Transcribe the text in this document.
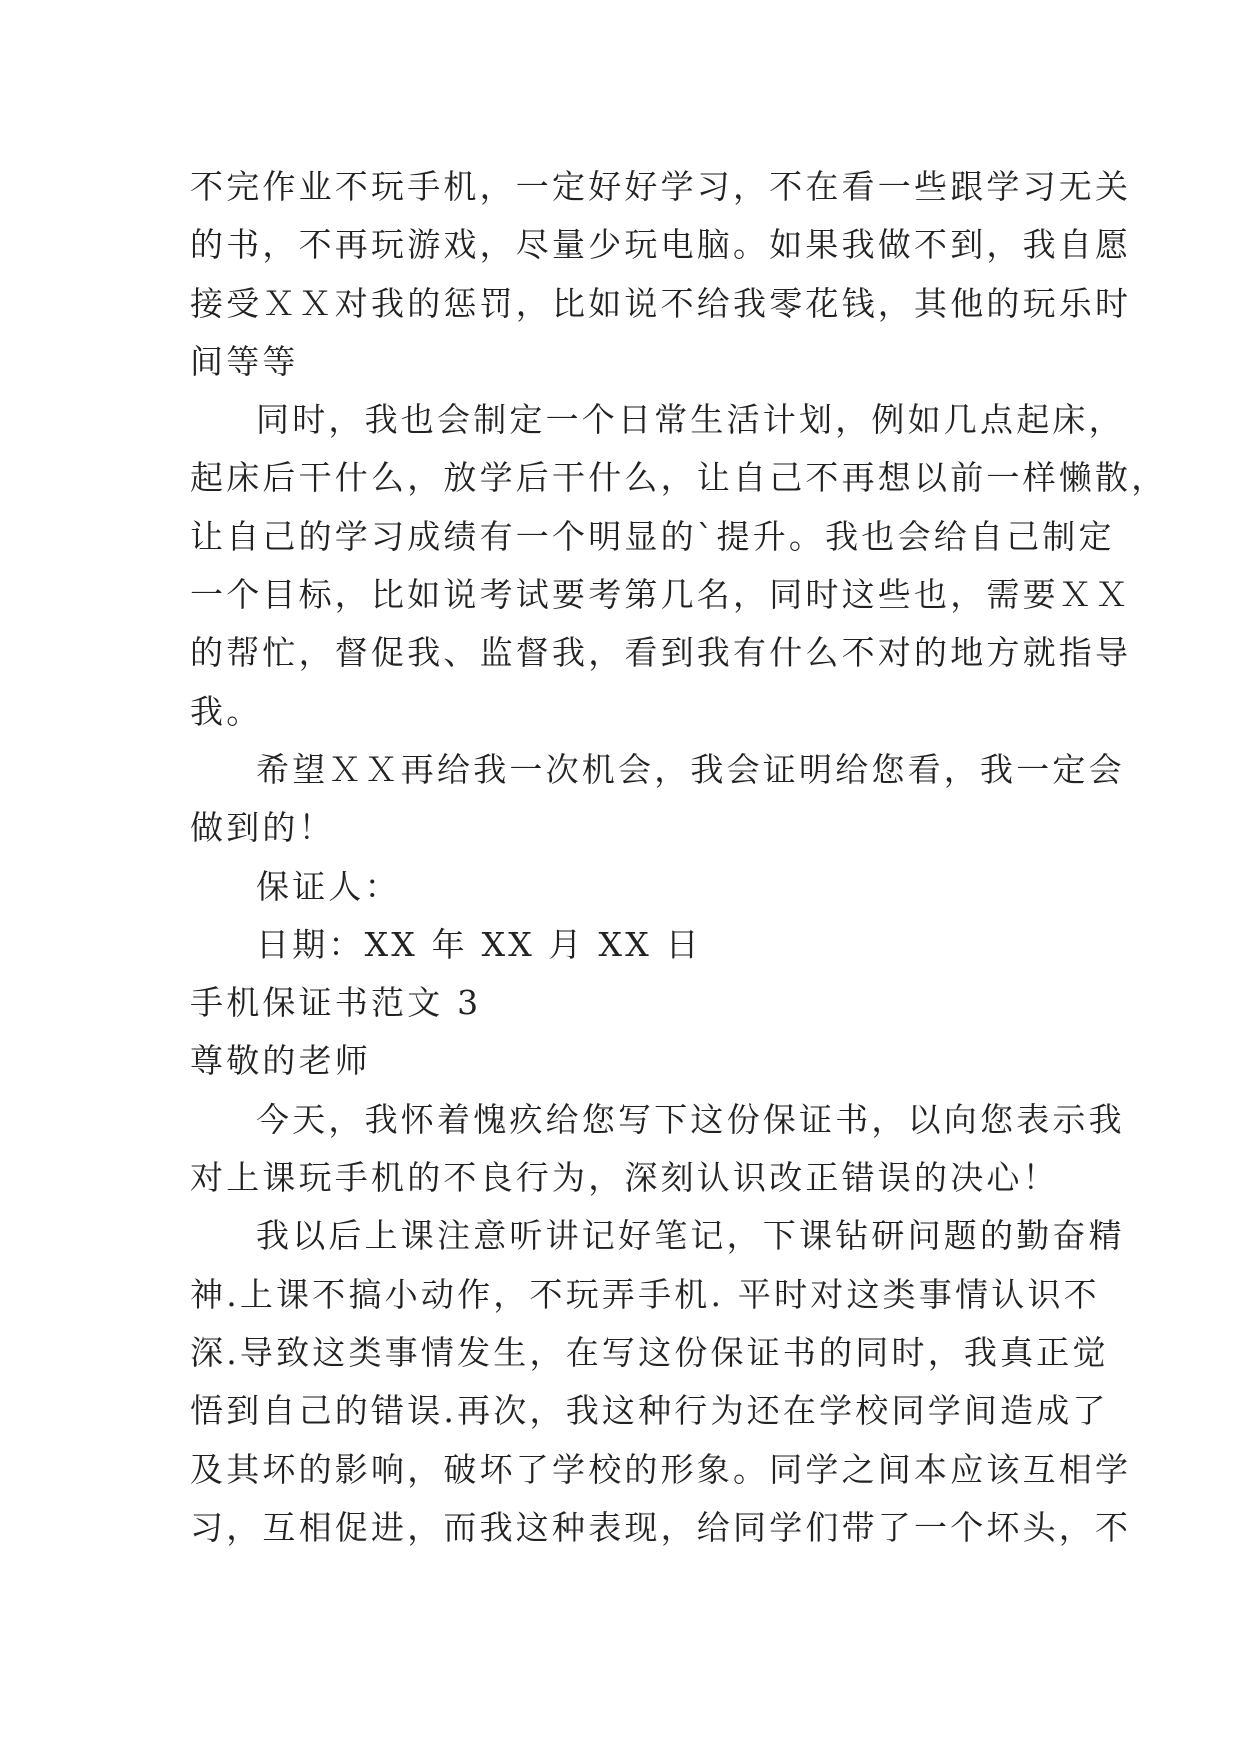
不完作业不玩手机，一定好好学习，不在看一些跟学习无关
的书，不再玩游戏，尽量少玩电脑。如果我做不到，我自愿
接受ＸＸ对我的惩罚，比如说不给我零花钱，其他的玩乐时
间等等
同时，我也会制定一个日常生活计划，例如几点起床，
起床后干什么，放学后干什么，让自己不再想以前一样懒散，
让自己的学习成绩有一个明显的`提升。我也会给自己制定
一个目标，比如说考试要考第几名，同时这些也，需要ＸＸ
的帮忙，督促我、监督我，看到我有什么不对的地方就指导
我。
希望ＸＸ再给我一次机会，我会证明给您看，我一定会
做到的！
保证人：
日期：XX 年 XX 月 XX 日
手机保证书范文 3
尊敬的老师
今天，我怀着愧疚给您写下这份保证书，以向您表示我
对上课玩手机的不良行为，深刻认识改正错误的决心！
我以后上课注意听讲记好笔记，下课钻研问题的勤奋精
神.上课不搞小动作，不玩弄手机. 平时对这类事情认识不
深.导致这类事情发生，在写这份保证书的同时，我真正觉
悟到自己的错误.再次，我这种行为还在学校同学间造成了
及其坏的影响，破坏了学校的形象。同学之间本应该互相学
习，互相促进，而我这种表现，给同学们带了一个坏头，不
